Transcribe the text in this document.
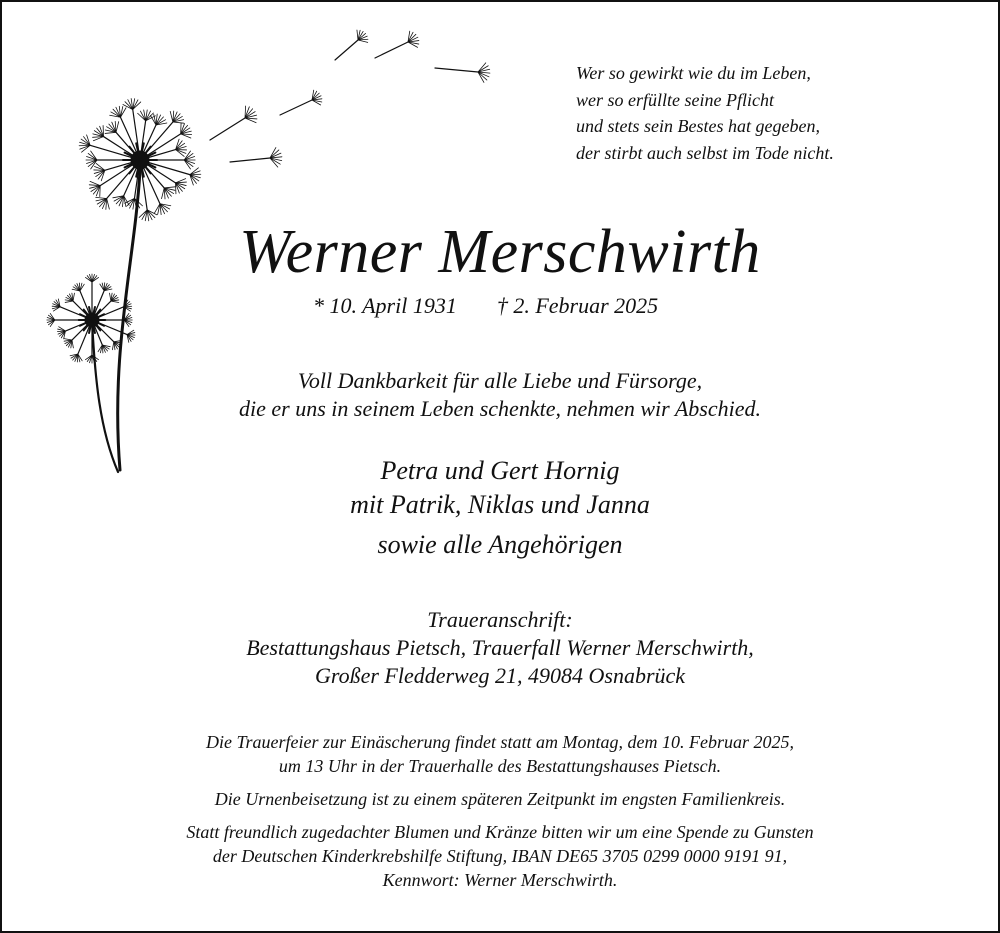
Wer so gewirkt wie du im Leben,
wer so erfüllte seine Pflicht
und stets sein Bestes hat gegeben,
der stirbt auch selbst im Tode nicht.
Werner Merschwirth
* 10. April 1931 † 2. Februar 2025
Voll Dankbarkeit für alle Liebe und Fürsorge,
die er uns in seinem Leben schenkte, nehmen wir Abschied.
Petra und Gert Hornig
mit Patrik, Niklas und Janna
sowie alle Angehörigen
Traueranschrift:
Bestattungshaus Pietsch, Trauerfall Werner Merschwirth,
Großer Fledderweg 21, 49084 Osnabrück
Die Trauerfeier zur Einäscherung findet statt am Montag, dem 10. Februar 2025,
um 13 Uhr in der Trauerhalle des Bestattungshauses Pietsch.
Die Urnenbeisetzung ist zu einem späteren Zeitpunkt im engsten Familienkreis.
Statt freundlich zugedachter Blumen und Kränze bitten wir um eine Spende zu Gunsten
der Deutschen Kinderkrebshilfe Stiftung, IBAN DE65 3705 0299 0000 9191 91,
Kennwort: Werner Merschwirth.
